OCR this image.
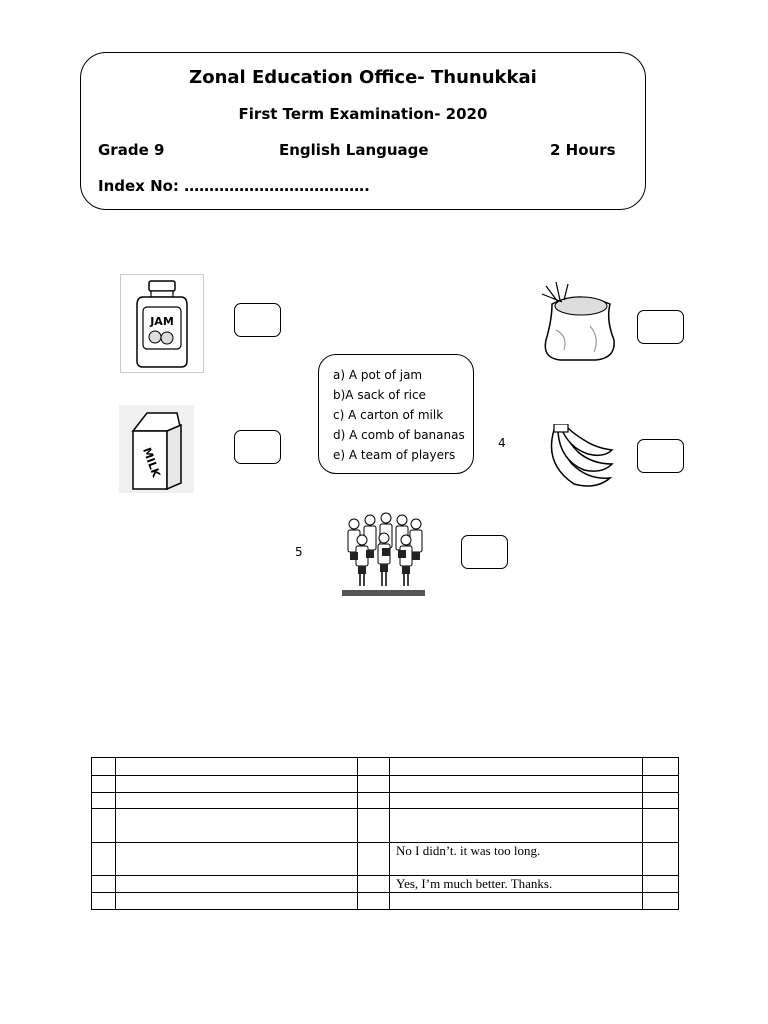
Zonal Education Office- Thunukkai
First Term Examination- 2020
Grade 9	English Language	2 Hours
Index No: ……………………………….
JAM
MILK
a) A pot of jam
b)A sack of rice
c) A carton of milk
d) A comb of bananas
e) A team of players
4
5

			No I didn’t. it was too long.	
			Yes, I’m much better. Thanks.	
